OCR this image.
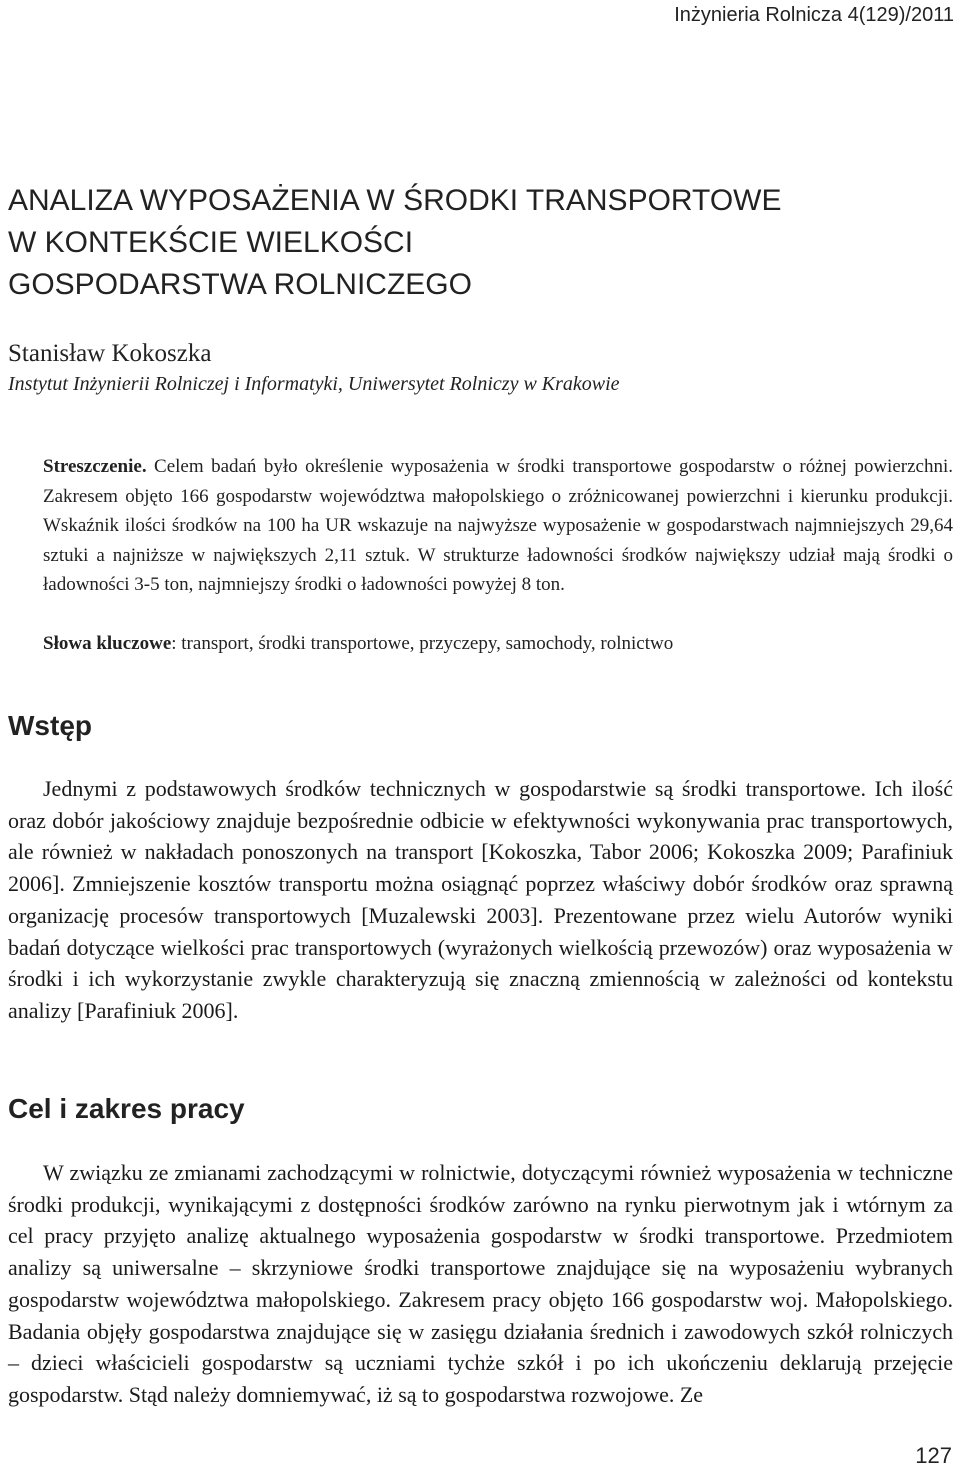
Inżynieria Rolnicza 4(129)/2011
ANALIZA WYPOSAŻENIA W ŚRODKI TRANSPORTOWE
W KONTEKŚCIE WIELKOŚCI
GOSPODARSTWA ROLNICZEGO
Stanisław Kokoszka
Instytut Inżynierii Rolniczej i Informatyki, Uniwersytet Rolniczy w Krakowie

Streszczenie. Celem badań było określenie wyposażenia w środki transportowe gospodarstw o różnej powierzchni. Zakresem objęto 166 gospodarstw województwa małopolskiego o zróżnicowanej powierzchni i kierunku produkcji. Wskaźnik ilości środków na 100 ha UR wskazuje na najwyższe wyposażenie w gospodarstwach najmniejszych 29,64 sztuki a najniższe w największych 2,11 sztuk. W strukturze ładowności środków największy udział mają środki o ładowności 3-5 ton, najmniejszy środki o ładowności powyżej 8 ton.

Słowa kluczowe: transport, środki transportowe, przyczepy, samochody, rolnictwo

Wstęp

Jednymi z podstawowych środków technicznych w gospodarstwie są środki transportowe. Ich ilość oraz dobór jakościowy znajduje bezpośrednie odbicie w efektywności wykonywania prac transportowych, ale również w nakładach ponoszonych na transport [Kokoszka, Tabor 2006; Kokoszka 2009; Parafiniuk 2006]. Zmniejszenie kosztów transportu można osiągnąć poprzez właściwy dobór środków oraz sprawną organizację procesów transportowych [Muzalewski 2003]. Prezentowane przez wielu Autorów wyniki badań dotyczące wielkości prac transportowych (wyrażonych wielkością przewozów) oraz wyposażenia w środki i ich wykorzystanie zwykle charakteryzują się znaczną zmiennością w zależności od kontekstu analizy [Parafiniuk 2006].

Cel i zakres pracy

W związku ze zmianami zachodzącymi w rolnictwie, dotyczącymi również wyposażenia w techniczne środki produkcji, wynikającymi z dostępności środków zarówno na rynku pierwotnym jak i wtórnym za cel pracy przyjęto analizę aktualnego wyposażenia gospodarstw w środki transportowe. Przedmiotem analizy są uniwersalne – skrzyniowe środki transportowe znajdujące się na wyposażeniu wybranych gospodarstw województwa małopolskiego. Zakresem pracy objęto 166 gospodarstw woj. Małopolskiego. Badania objęły gospodarstwa znajdujące się w zasięgu działania średnich i zawodowych szkół rolniczych – dzieci właścicieli gospodarstw są uczniami tychże szkół i po ich ukończeniu deklarują przejęcie gospodarstw. Stąd należy domniemywać, iż są to gospodarstwa rozwojowe. Ze

127
